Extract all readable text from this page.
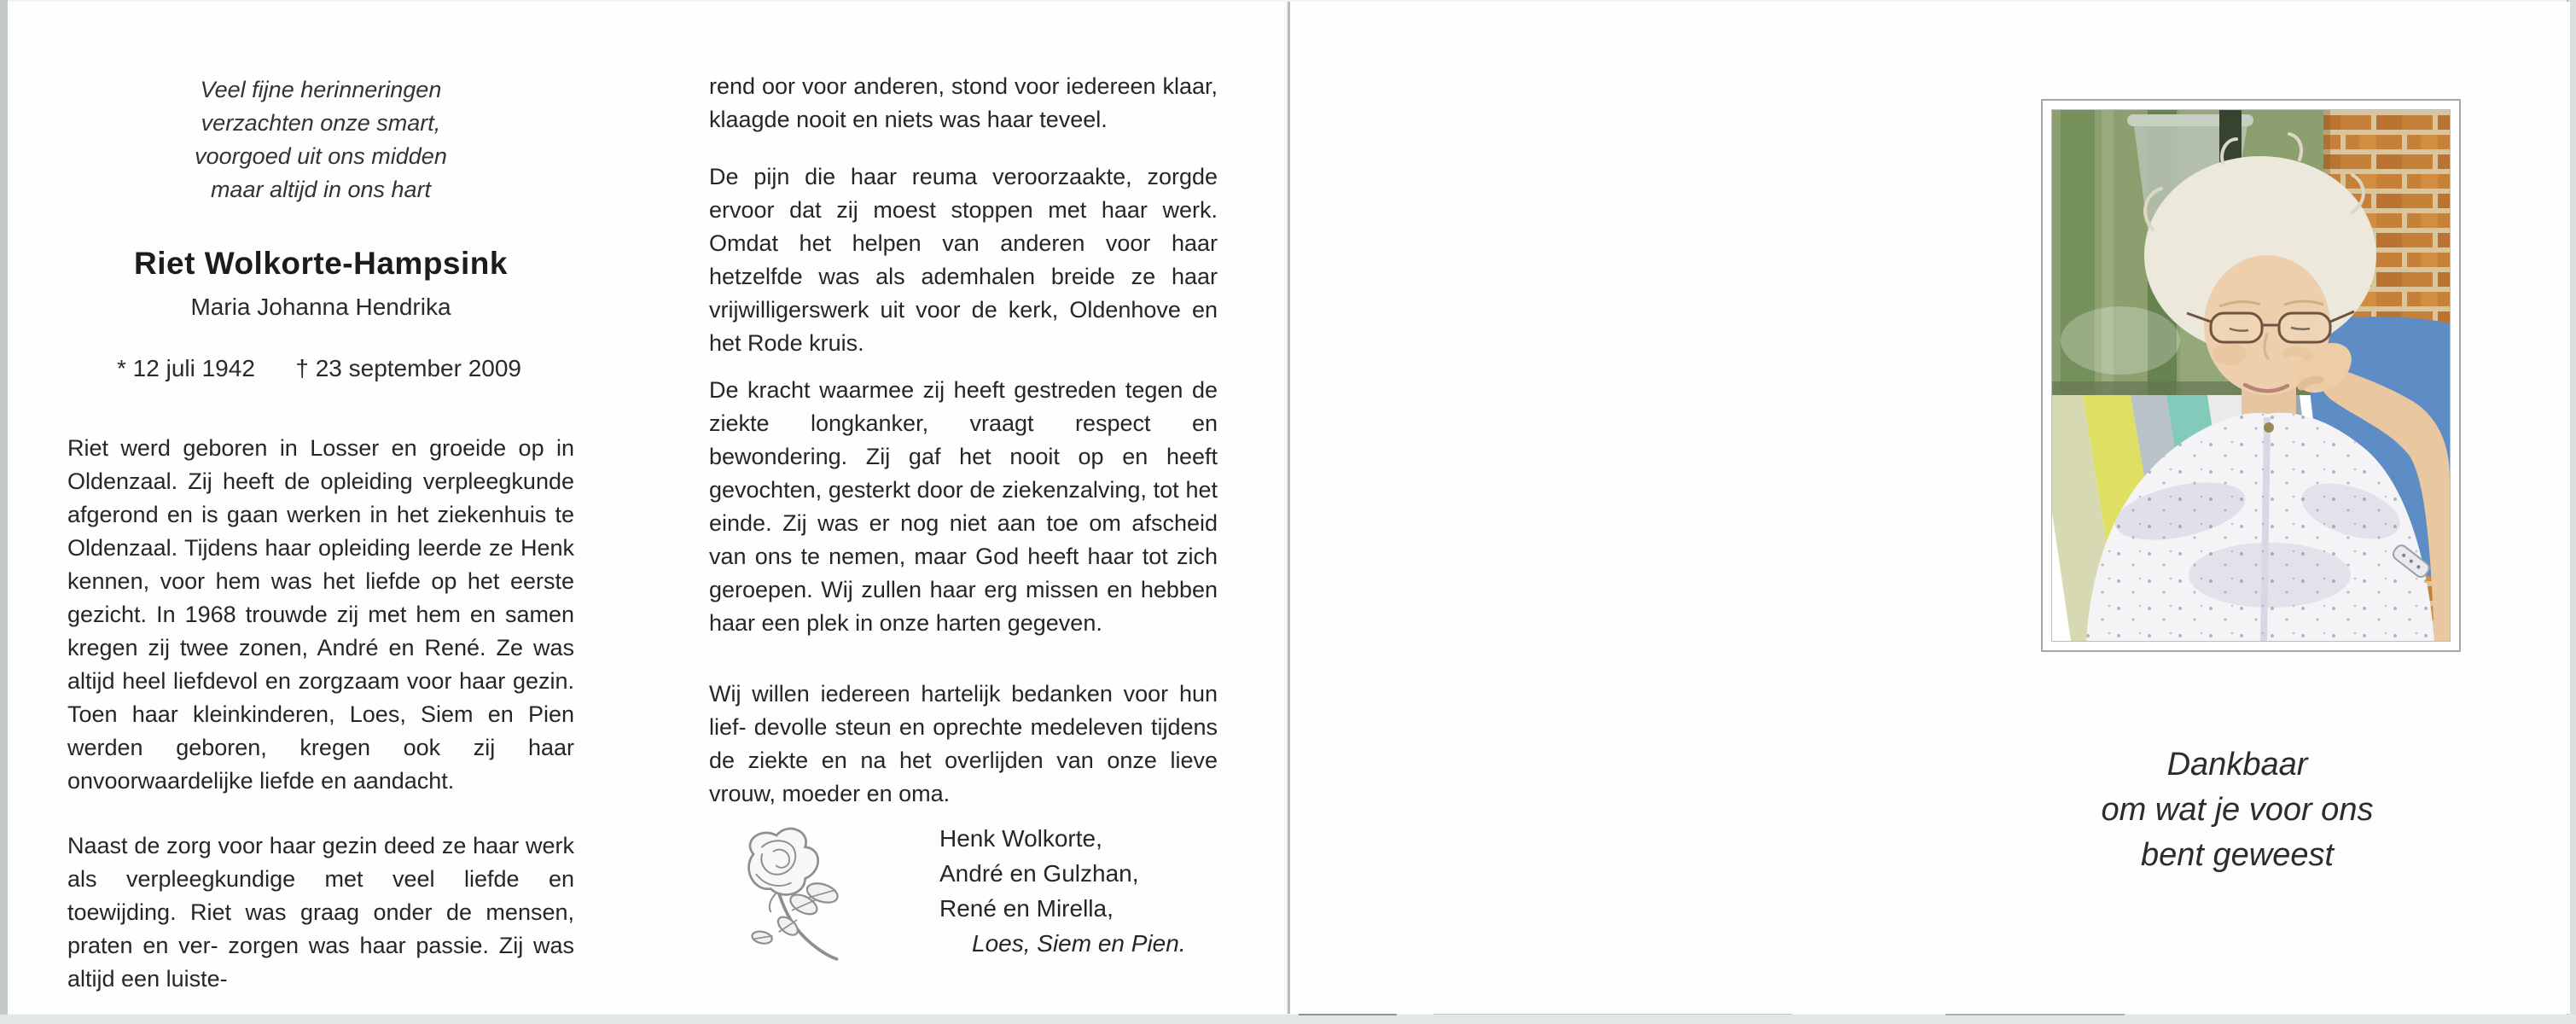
Veel fijne herinneringen
verzachten onze smart,
voorgoed uit ons midden
maar altijd in ons hart
Riet Wolkorte-Hampsink
Maria Johanna Hendrika
* 12 juli 1942 † 23 september 2009
Riet werd geboren in Losser en groeide op in Oldenzaal. Zij heeft de opleiding verpleegkunde afgerond en is gaan werken in het ziekenhuis te Oldenzaal. Tijdens haar opleiding leerde ze Henk kennen, voor hem was het liefde op het eerste gezicht. In 1968 trouwde zij met hem en samen kregen zij twee zonen, André en René. Ze was altijd heel liefdevol en zorgzaam voor haar gezin. Toen haar kleinkinderen, Loes, Siem en Pien werden geboren, kregen ook zij haar onvoorwaardelijke liefde en aandacht.
Naast de zorg voor haar gezin deed ze haar werk als verpleegkundige met veel liefde en toewijding. Riet was graag onder de mensen, praten en ver- zorgen was haar passie. Zij was altijd een luiste-
rend oor voor anderen, stond voor iedereen klaar, klaagde nooit en niets was haar teveel.
De pijn die haar reuma veroorzaakte, zorgde ervoor dat zij moest stoppen met haar werk. Omdat het helpen van anderen voor haar hetzelfde was als ademhalen breide ze haar vrijwilligerswerk uit voor de kerk, Oldenhove en het Rode kruis.
De kracht waarmee zij heeft gestreden tegen de ziekte longkanker, vraagt respect en bewondering. Zij gaf het nooit op en heeft gevochten, gesterkt door de ziekenzalving, tot het einde. Zij was er nog niet aan toe om afscheid van ons te nemen, maar God heeft haar tot zich geroepen. Wij zullen haar erg missen en hebben haar een plek in onze harten gegeven.
Wij willen iedereen hartelijk bedanken voor hun lief- devolle steun en oprechte medeleven tijdens de ziekte en na het overlijden van onze lieve vrouw, moeder en oma.
Henk Wolkorte,
André en Gulzhan,
René en Mirella,
Loes, Siem en Pien.
Dankbaar
om wat je voor ons
bent geweest
